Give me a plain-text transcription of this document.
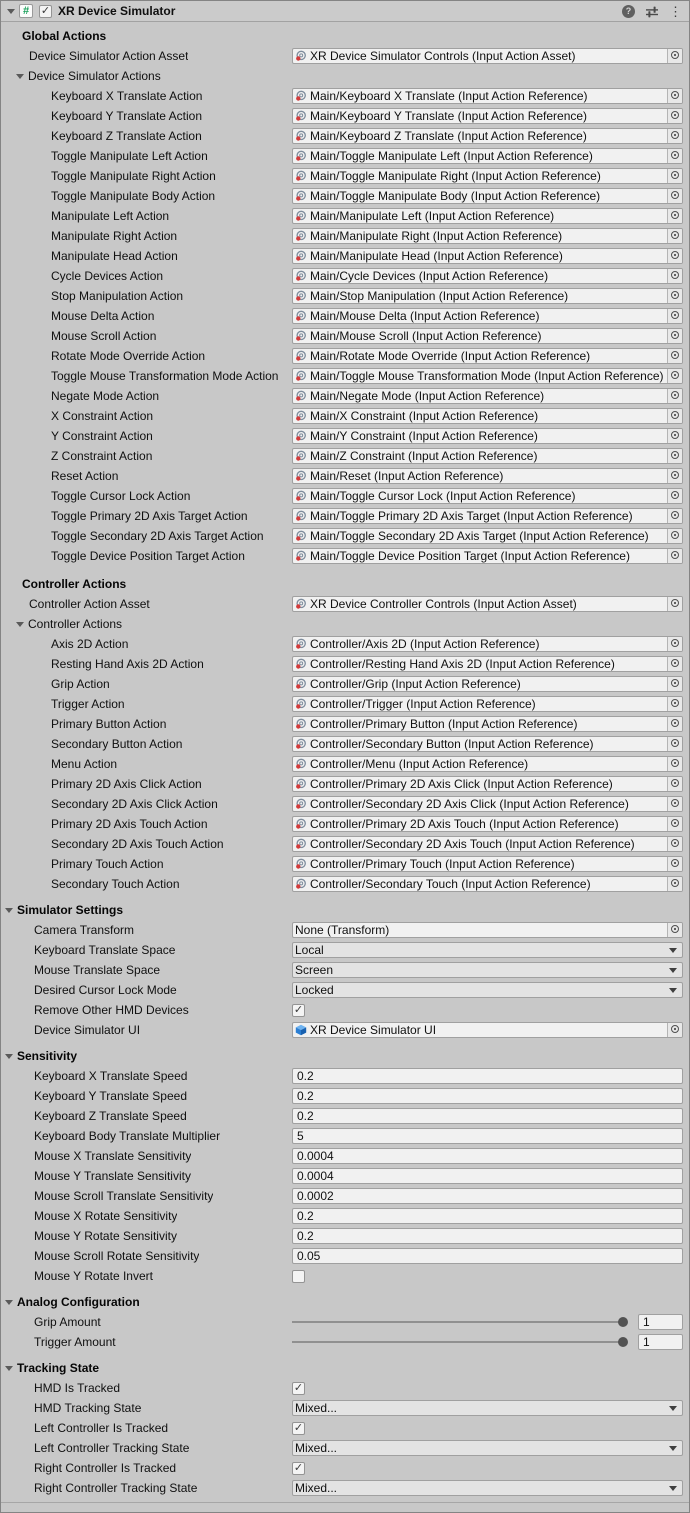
#	✓ XR Device Simulator	?	⋮
Global Actions
Device Simulator Action Asset	XR Device Simulator Controls (Input Action Asset)
Device Simulator Actions
Keyboard X Translate Action	Main/Keyboard X Translate (Input Action Reference)
Keyboard Y Translate Action	Main/Keyboard Y Translate (Input Action Reference)
Keyboard Z Translate Action	Main/Keyboard Z Translate (Input Action Reference)
Toggle Manipulate Left Action	Main/Toggle Manipulate Left (Input Action Reference)
Toggle Manipulate Right Action	Main/Toggle Manipulate Right (Input Action Reference)
Toggle Manipulate Body Action	Main/Toggle Manipulate Body (Input Action Reference)
Manipulate Left Action	Main/Manipulate Left (Input Action Reference)
Manipulate Right Action	Main/Manipulate Right (Input Action Reference)
Manipulate Head Action	Main/Manipulate Head (Input Action Reference)
Cycle Devices Action	Main/Cycle Devices (Input Action Reference)
Stop Manipulation Action	Main/Stop Manipulation (Input Action Reference)
Mouse Delta Action	Main/Mouse Delta (Input Action Reference)
Mouse Scroll Action	Main/Mouse Scroll (Input Action Reference)
Rotate Mode Override Action	Main/Rotate Mode Override (Input Action Reference)
Toggle Mouse Transformation Mode Action	Main/Toggle Mouse Transformation Mode (Input Action Reference)
Negate Mode Action	Main/Negate Mode (Input Action Reference)
X Constraint Action	Main/X Constraint (Input Action Reference)
Y Constraint Action	Main/Y Constraint (Input Action Reference)
Z Constraint Action	Main/Z Constraint (Input Action Reference)
Reset Action	Main/Reset (Input Action Reference)
Toggle Cursor Lock Action	Main/Toggle Cursor Lock (Input Action Reference)
Toggle Primary 2D Axis Target Action	Main/Toggle Primary 2D Axis Target (Input Action Reference)
Toggle Secondary 2D Axis Target Action	Main/Toggle Secondary 2D Axis Target (Input Action Reference)
Toggle Device Position Target Action	Main/Toggle Device Position Target (Input Action Reference)
Controller Actions
Controller Action Asset	XR Device Controller Controls (Input Action Asset)
Controller Actions
Axis 2D Action	Controller/Axis 2D (Input Action Reference)
Resting Hand Axis 2D Action	Controller/Resting Hand Axis 2D (Input Action Reference)
Grip Action	Controller/Grip (Input Action Reference)
Trigger Action	Controller/Trigger (Input Action Reference)
Primary Button Action	Controller/Primary Button (Input Action Reference)
Secondary Button Action	Controller/Secondary Button (Input Action Reference)
Menu Action	Controller/Menu (Input Action Reference)
Primary 2D Axis Click Action	Controller/Primary 2D Axis Click (Input Action Reference)
Secondary 2D Axis Click Action	Controller/Secondary 2D Axis Click (Input Action Reference)
Primary 2D Axis Touch Action	Controller/Primary 2D Axis Touch (Input Action Reference)
Secondary 2D Axis Touch Action	Controller/Secondary 2D Axis Touch (Input Action Reference)
Primary Touch Action	Controller/Primary Touch (Input Action Reference)
Secondary Touch Action	Controller/Secondary Touch (Input Action Reference)
Simulator Settings
Camera Transform	None (Transform)
Keyboard Translate Space	Local
Mouse Translate Space	Screen
Desired Cursor Lock Mode	Locked
Remove Other HMD Devices	✓
Device Simulator UI	XR Device Simulator UI
Sensitivity
Keyboard X Translate Speed	0.2
Keyboard Y Translate Speed	0.2
Keyboard Z Translate Speed	0.2
Keyboard Body Translate Multiplier	5
Mouse X Translate Sensitivity	0.0004
Mouse Y Translate Sensitivity	0.0004
Mouse Scroll Translate Sensitivity	0.0002
Mouse X Rotate Sensitivity	0.2
Mouse Y Rotate Sensitivity	0.2
Mouse Scroll Rotate Sensitivity	0.05
Mouse Y Rotate Invert
Analog Configuration
Grip Amount	1
Trigger Amount	1
Tracking State
HMD Is Tracked	✓
HMD Tracking State	Mixed...
Left Controller Is Tracked	✓
Left Controller Tracking State	Mixed...
Right Controller Is Tracked	✓
Right Controller Tracking State	Mixed...
